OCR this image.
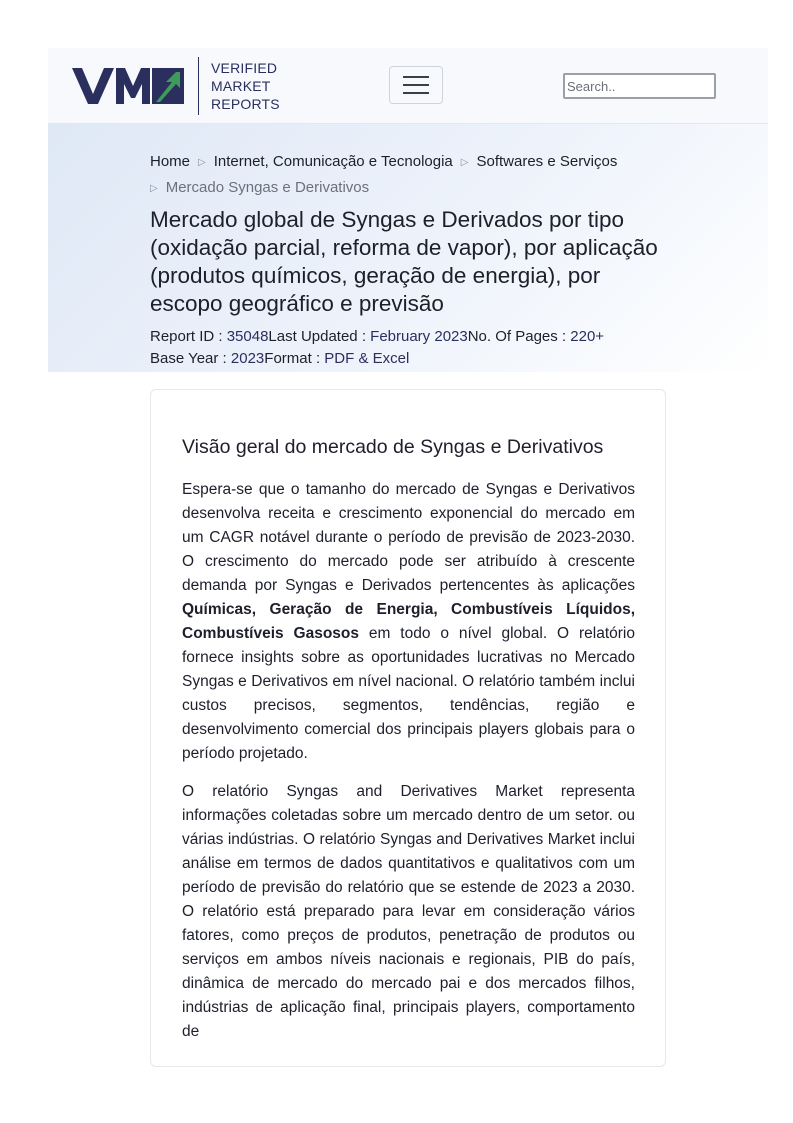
VERIFIED
MARKET
REPORTS
Search..
Home ▷ Internet, Comunicação e Tecnologia ▷ Softwares e Serviços
▷ Mercado Syngas e Derivativos
Mercado global de Syngas e Derivados por tipo (oxidação parcial, reforma de vapor), por aplicação (produtos químicos, geração de energia), por escopo geográfico e previsão
Report ID : 35048Last Updated : February 2023No. Of Pages : 220+
Base Year : 2023Format : PDF & Excel
Visão geral do mercado de Syngas e Derivativos

Espera-se que o tamanho do mercado de Syngas e Derivativos desenvolva receita e crescimento exponencial do mercado em um CAGR notável durante o período de previsão de 2023-2030. O crescimento do mercado pode ser atribuído à crescente demanda por Syngas e Derivados pertencentes às aplicações Químicas, Geração de Energia, Combustíveis Líquidos, Combustíveis Gasosos em todo o nível global. O relatório fornece insights sobre as oportunidades lucrativas no Mercado Syngas e Derivativos em nível nacional. O relatório também inclui custos precisos, segmentos, tendências, região e desenvolvimento comercial dos principais players globais para o período projetado.

O relatório Syngas and Derivatives Market representa informações coletadas sobre um mercado dentro de um setor. ou várias indústrias. O relatório Syngas and Derivatives Market inclui análise em termos de dados quantitativos e qualitativos com um período de previsão do relatório que se estende de 2023 a 2030. O relatório está preparado para levar em consideração vários fatores, como preços de produtos, penetração de produtos ou serviços em ambos níveis nacionais e regionais, PIB do país, dinâmica de mercado do mercado pai e dos mercados filhos, indústrias de aplicação final, principais players, comportamento de
